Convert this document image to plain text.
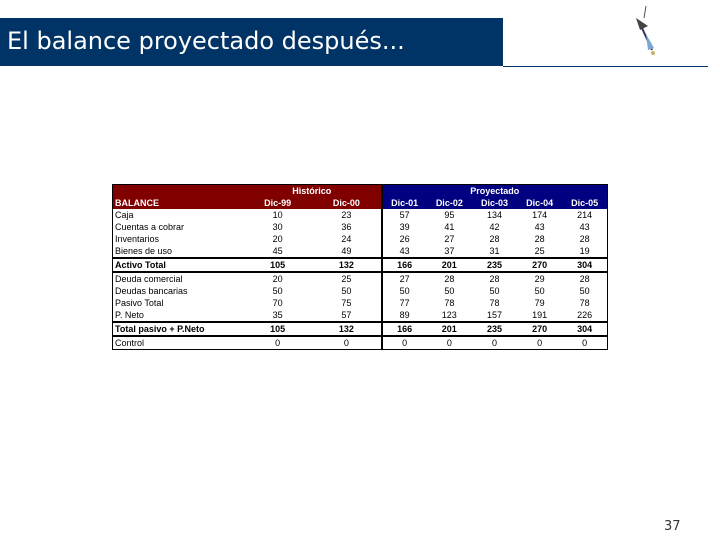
El balance proyectado después...
	Histórico		Proyectado				
BALANCE	Dic-99	Dic-00	Dic-01	Dic-02	Dic-03	Dic-04	Dic-05
Caja	10	23	57	95	134	174	214
Cuentas a cobrar	30	36	39	41	42	43	43
Inventarios	20	24	26	27	28	28	28
Bienes de uso	45	49	43	37	31	25	19
Activo Total	105	132	166	201	235	270	304
Deuda comercial	20	25	27	28	28	29	28
Deudas bancarias	50	50	50	50	50	50	50
Pasivo Total	70	75	77	78	78	79	78
P. Neto	35	57	89	123	157	191	226
Total pasivo + P.Neto	105	132	166	201	235	270	304
Control	0	0	0	0	0	0	0
37
